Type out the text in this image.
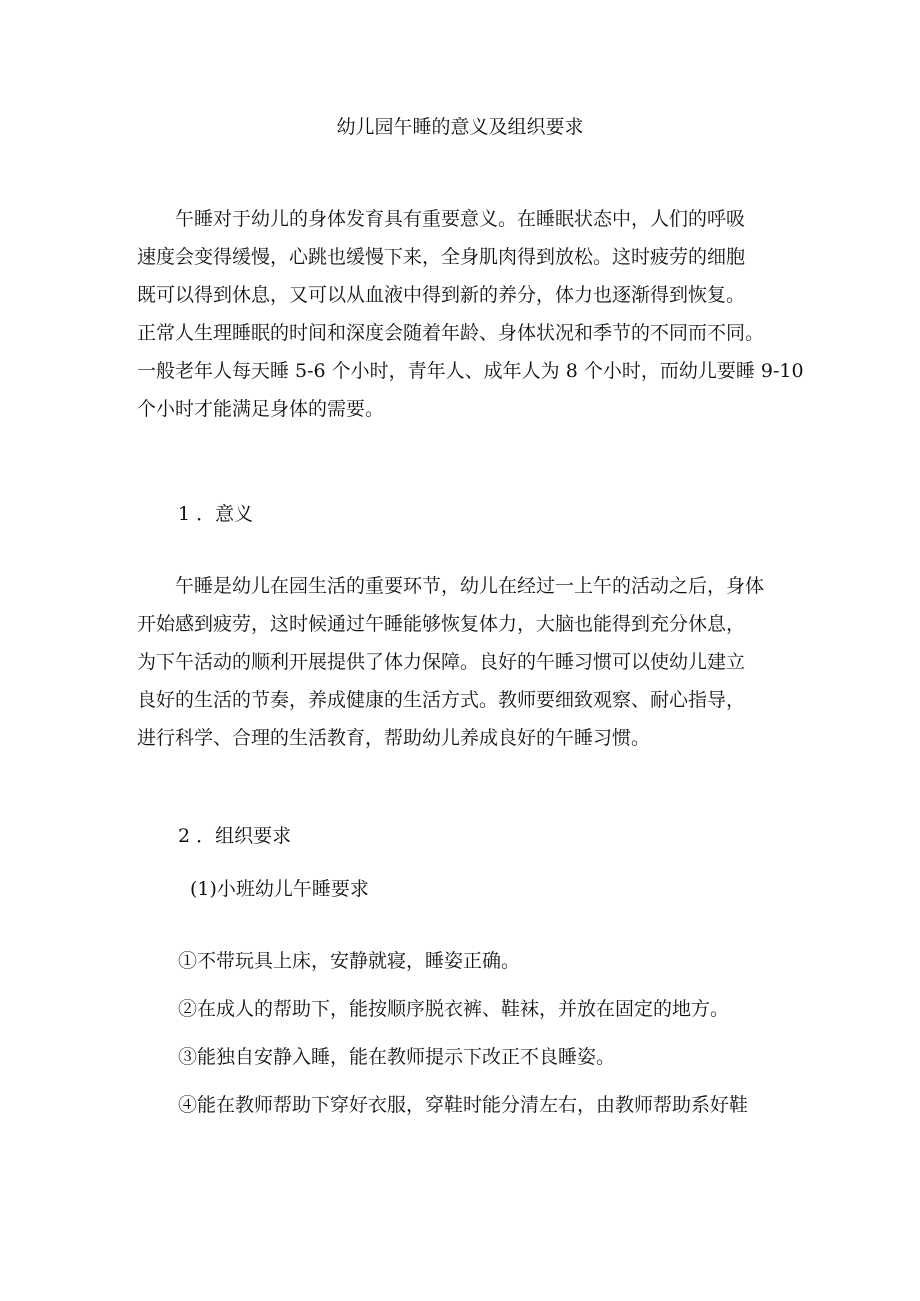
幼儿园午睡的意义及组织要求
　　午睡对于幼儿的身体发育具有重要意义。在睡眠状态中，人们的呼吸
速度会变得缓慢，心跳也缓慢下来，全身肌肉得到放松。这时疲劳的细胞
既可以得到休息，又可以从血液中得到新的养分，体力也逐渐得到恢复。
正常人生理睡眠的时间和深度会随着年龄、身体状况和季节的不同而不同。
一般老年人每天睡 5-6 个小时，青年人、成年人为 8 个小时，而幼儿要睡 9-10
个小时才能满足身体的需要。
1 ．意义
　　午睡是幼儿在园生活的重要环节，幼儿在经过一上午的活动之后，身体
开始感到疲劳，这时候通过午睡能够恢复体力，大脑也能得到充分休息，
为下午活动的顺利开展提供了体力保障。良好的午睡习惯可以使幼儿建立
良好的生活的节奏，养成健康的生活方式。教师要细致观察、耐心指导，
进行科学、合理的生活教育，帮助幼儿养成良好的午睡习惯。
2 ．组织要求
(1)小班幼儿午睡要求
①不带玩具上床，安静就寝，睡姿正确。
②在成人的帮助下，能按顺序脱衣裤、鞋袜，并放在固定的地方。
③能独自安静入睡，能在教师提示下改正不良睡姿。
④能在教师帮助下穿好衣服，穿鞋时能分清左右，由教师帮助系好鞋
